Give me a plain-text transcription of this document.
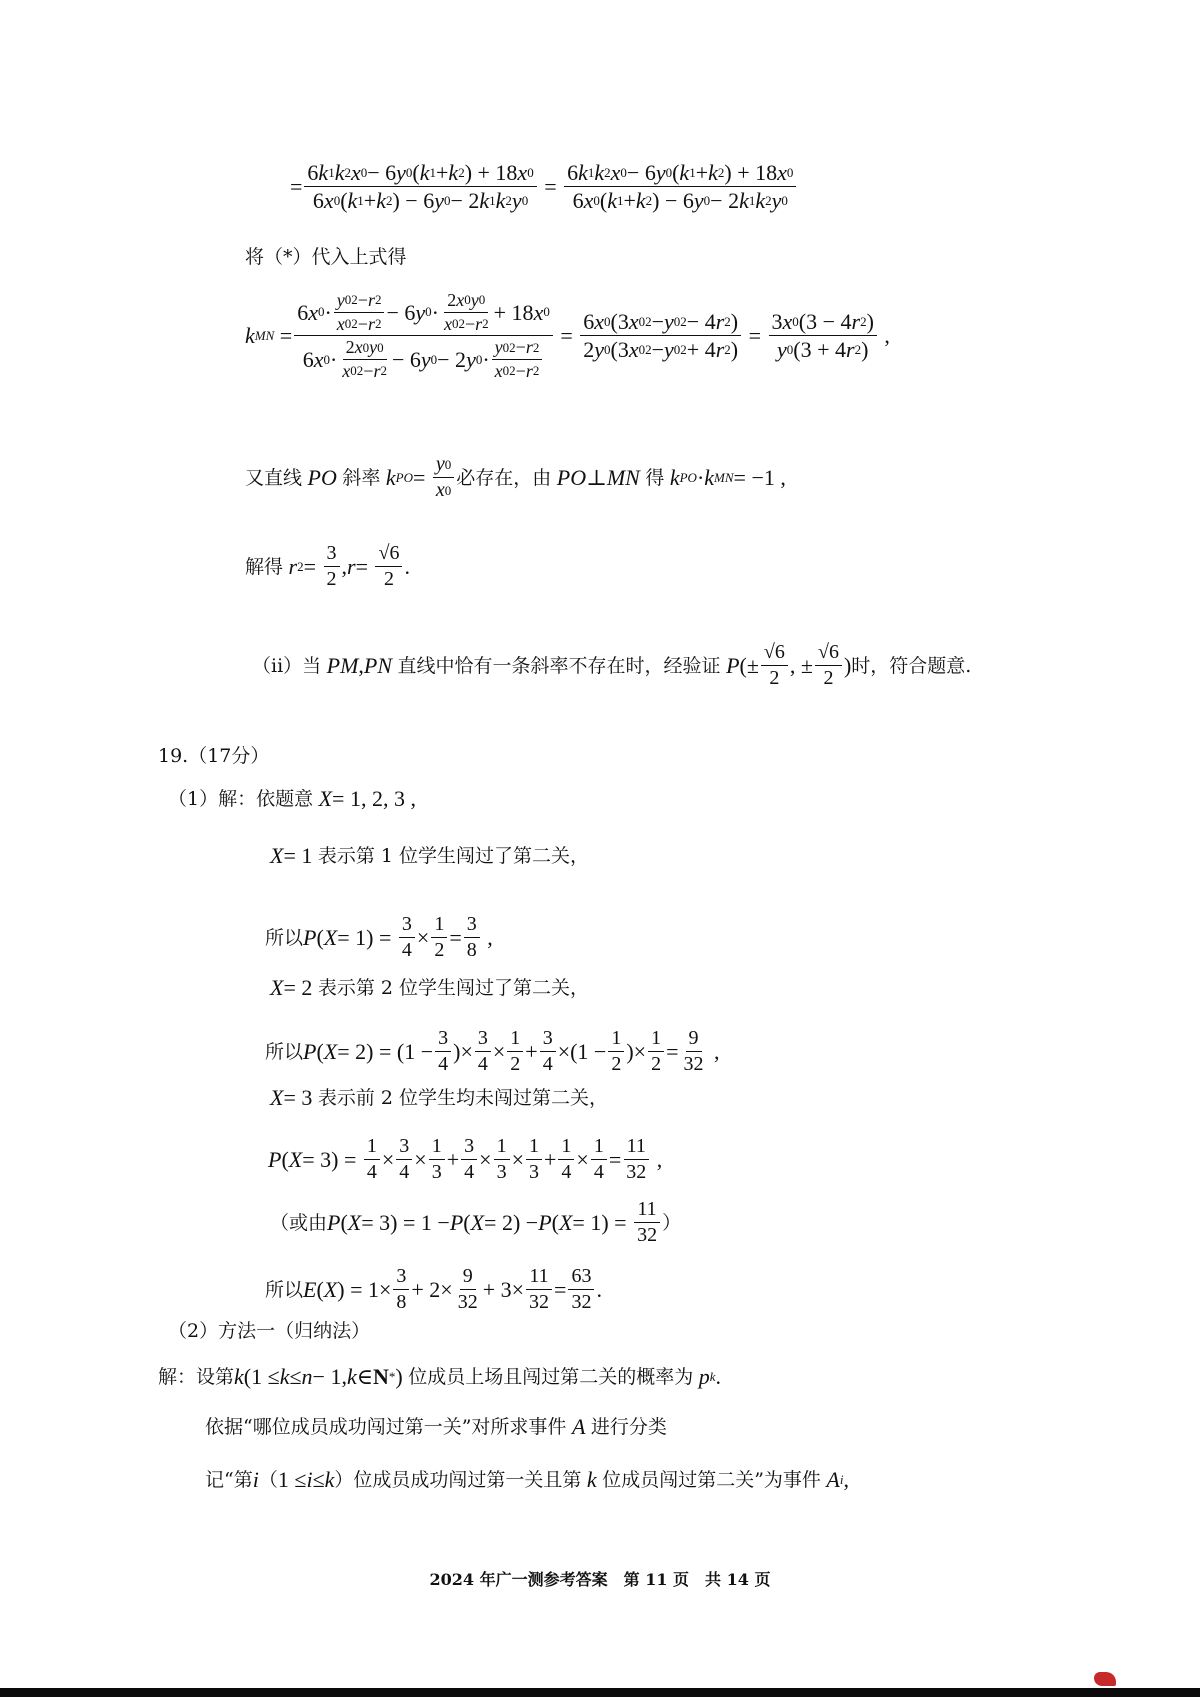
= $\frac{6 k 1 k 2 x 0 - 6 y 0 ( k 1 + k 2 ) + 18 x 0}{6 x 0 ( k 1 + k 2 ) - 6 y 0 - 2 k 1 k 2 y 0} = \frac{6 k 1 k 2 x 0 - 6 y 0 ( k 1 + k 2 ) + 18 x 0}{6 x 0 ( k 1 + k 2 ) - 6 y 0 - 2 k 1 k 2 y 0}$
将（*）代入上式得
k MN = $\frac{6 x 0 \cdot \frac{y 0 2 - r 2}{x 0 2 - r 2} - 6 y 0 \cdot \frac{2 x 0 y 0}{x 0 2 - r 2} + 18 x 0}{6 x 0 \cdot \frac{2 x 0 y 0}{x 0 2 - r 2} - 6 y 0 - 2 y 0 \cdot \frac{y 0 2 - r 2}{x 0 2 - r 2}} = \frac{6 x 0 (3 x 0 2 - y 0 2 - 4 r 2 )}{2 y 0 (3 x 0 2 - y 0 2 + 4 r 2 )} = \frac{3 x 0 (3 - 4 r 2 )}{y 0 (3 + 4 r 2 )}$ ,
又直线
PO
斜率
k PO = $\frac{y 0}{x 0}$ 必存在，由
PO ⊥ MN
得
k PO · k MN = −1 ,
解得
r $2 = \frac{3}{2}$ , $r = \frac{√6}{2}$ .
（ii）当
PM , PN
直线中恰有一条斜率不存在时，经验证
P (± $\frac{√6}{2}$ , ± $\frac{√6}{2}$ ) 时，符合题意.
19.（17分）
（1）解：依题意
X = 1, 2, 3 ,
X = 1 表示第 1 位学生闯过了第二关，
所以 P ( $X = 1) = \frac{3}{4} \times \frac{1}{2} = \frac{3}{8}$ ,
X = 2 表示第 2 位学生闯过了第二关，
所以 P ( $X = 2) = (1 - \frac{3}{4}$ )× $\frac{3}{4} \times \frac{1}{2} + \frac{3}{4} \times(1 - \frac{1}{2}$ )× $\frac{1}{2} = \frac{9}{32}$ ,
X = 3 表示前 2 位学生均未闯过第二关，
P ( $X = 3) = \frac{1}{4} \times \frac{3}{4} \times \frac{1}{3} + \frac{3}{4} \times \frac{1}{3} \times \frac{1}{3} + \frac{1}{4} \times \frac{1}{4} = \frac{11}{32}$ ,
（或由 P ( X = 3) = 1 − P ( X = 2) − P ( $X = 1) = \frac{11}{32}$ ）
所以 E ( X ) = $1\times \frac{3}{8} + 2\times \frac{9}{32} + 3\times \frac{11}{32} = \frac{63}{32}$ .
（2）方法一（归纳法）
解：设第 k (1 ≤ k ≤ n − 1, k ∈ N * ) 位成员上场且闯过第二关的概率为
p k .
依据“哪位成员成功闯过第一关”对所求事件
A
进行分类
记“第 i （ 1 ≤ i ≤ k ）位成员成功闯过第一关且第
k
位成员闯过第二关”为事件
A i ,
2024 年广一测参考答案　第 11 页　共 14 页
